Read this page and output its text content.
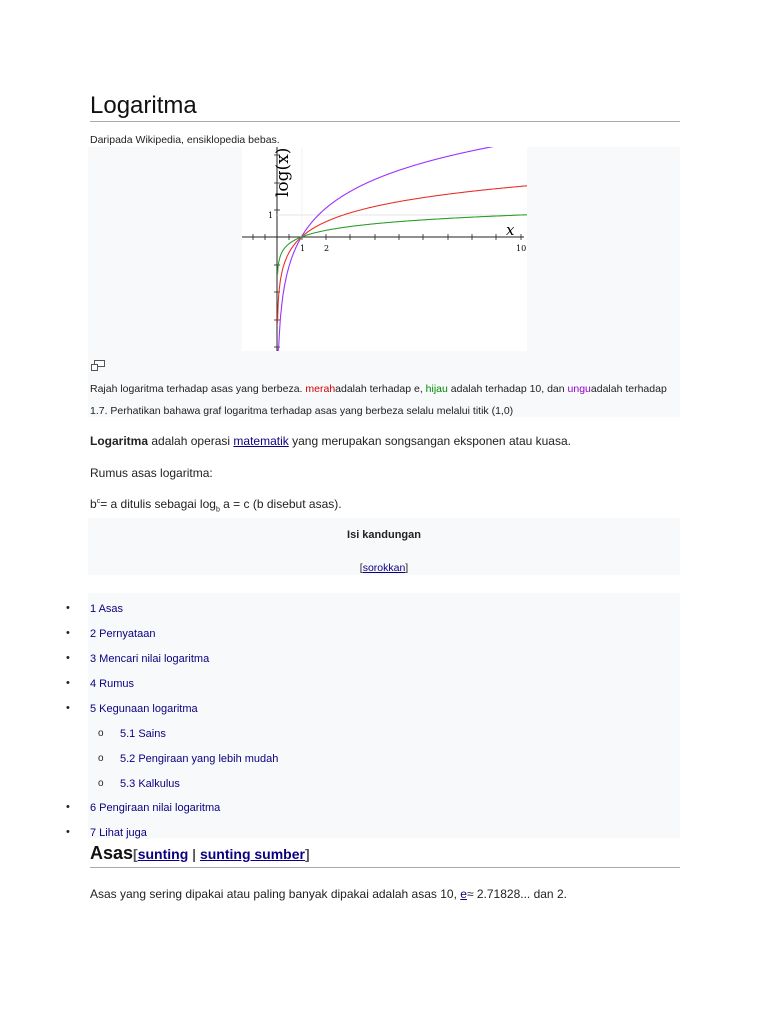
Logaritma
Daripada Wikipedia, ensiklopedia bebas.
log(x)
x
1
1 2	10
Rajah logaritma terhadap asas yang berbeza. merahadalah terhadap e, hijau adalah terhadap 10, dan unguadalah terhadap 1.7. Perhatikan bahawa graf logaritma terhadap asas yang berbeza selalu melalui titik (1,0)

Logaritma adalah operasi matematik yang merupakan songsangan eksponen atau kuasa.

Rumus asas logaritma:

$b^c= a$ ditulis sebagai $\log_b a = c$ (b disebut asas).

Isi kandungan
[sorokkan]
• 1 Asas
• 2 Pernyataan
• 3 Mencari nilai logaritma
• 4 Rumus
• 5 Kegunaan logaritma
o 5.1 Sains
o 5.2 Pengiraan yang lebih mudah
o 5.3 Kalkulus
• 6 Pengiraan nilai logaritma
• 7 Lihat juga
Asas[sunting | sunting sumber]

Asas yang sering dipakai atau paling banyak dipakai adalah asas 10, e≈ 2.71828... dan 2.
